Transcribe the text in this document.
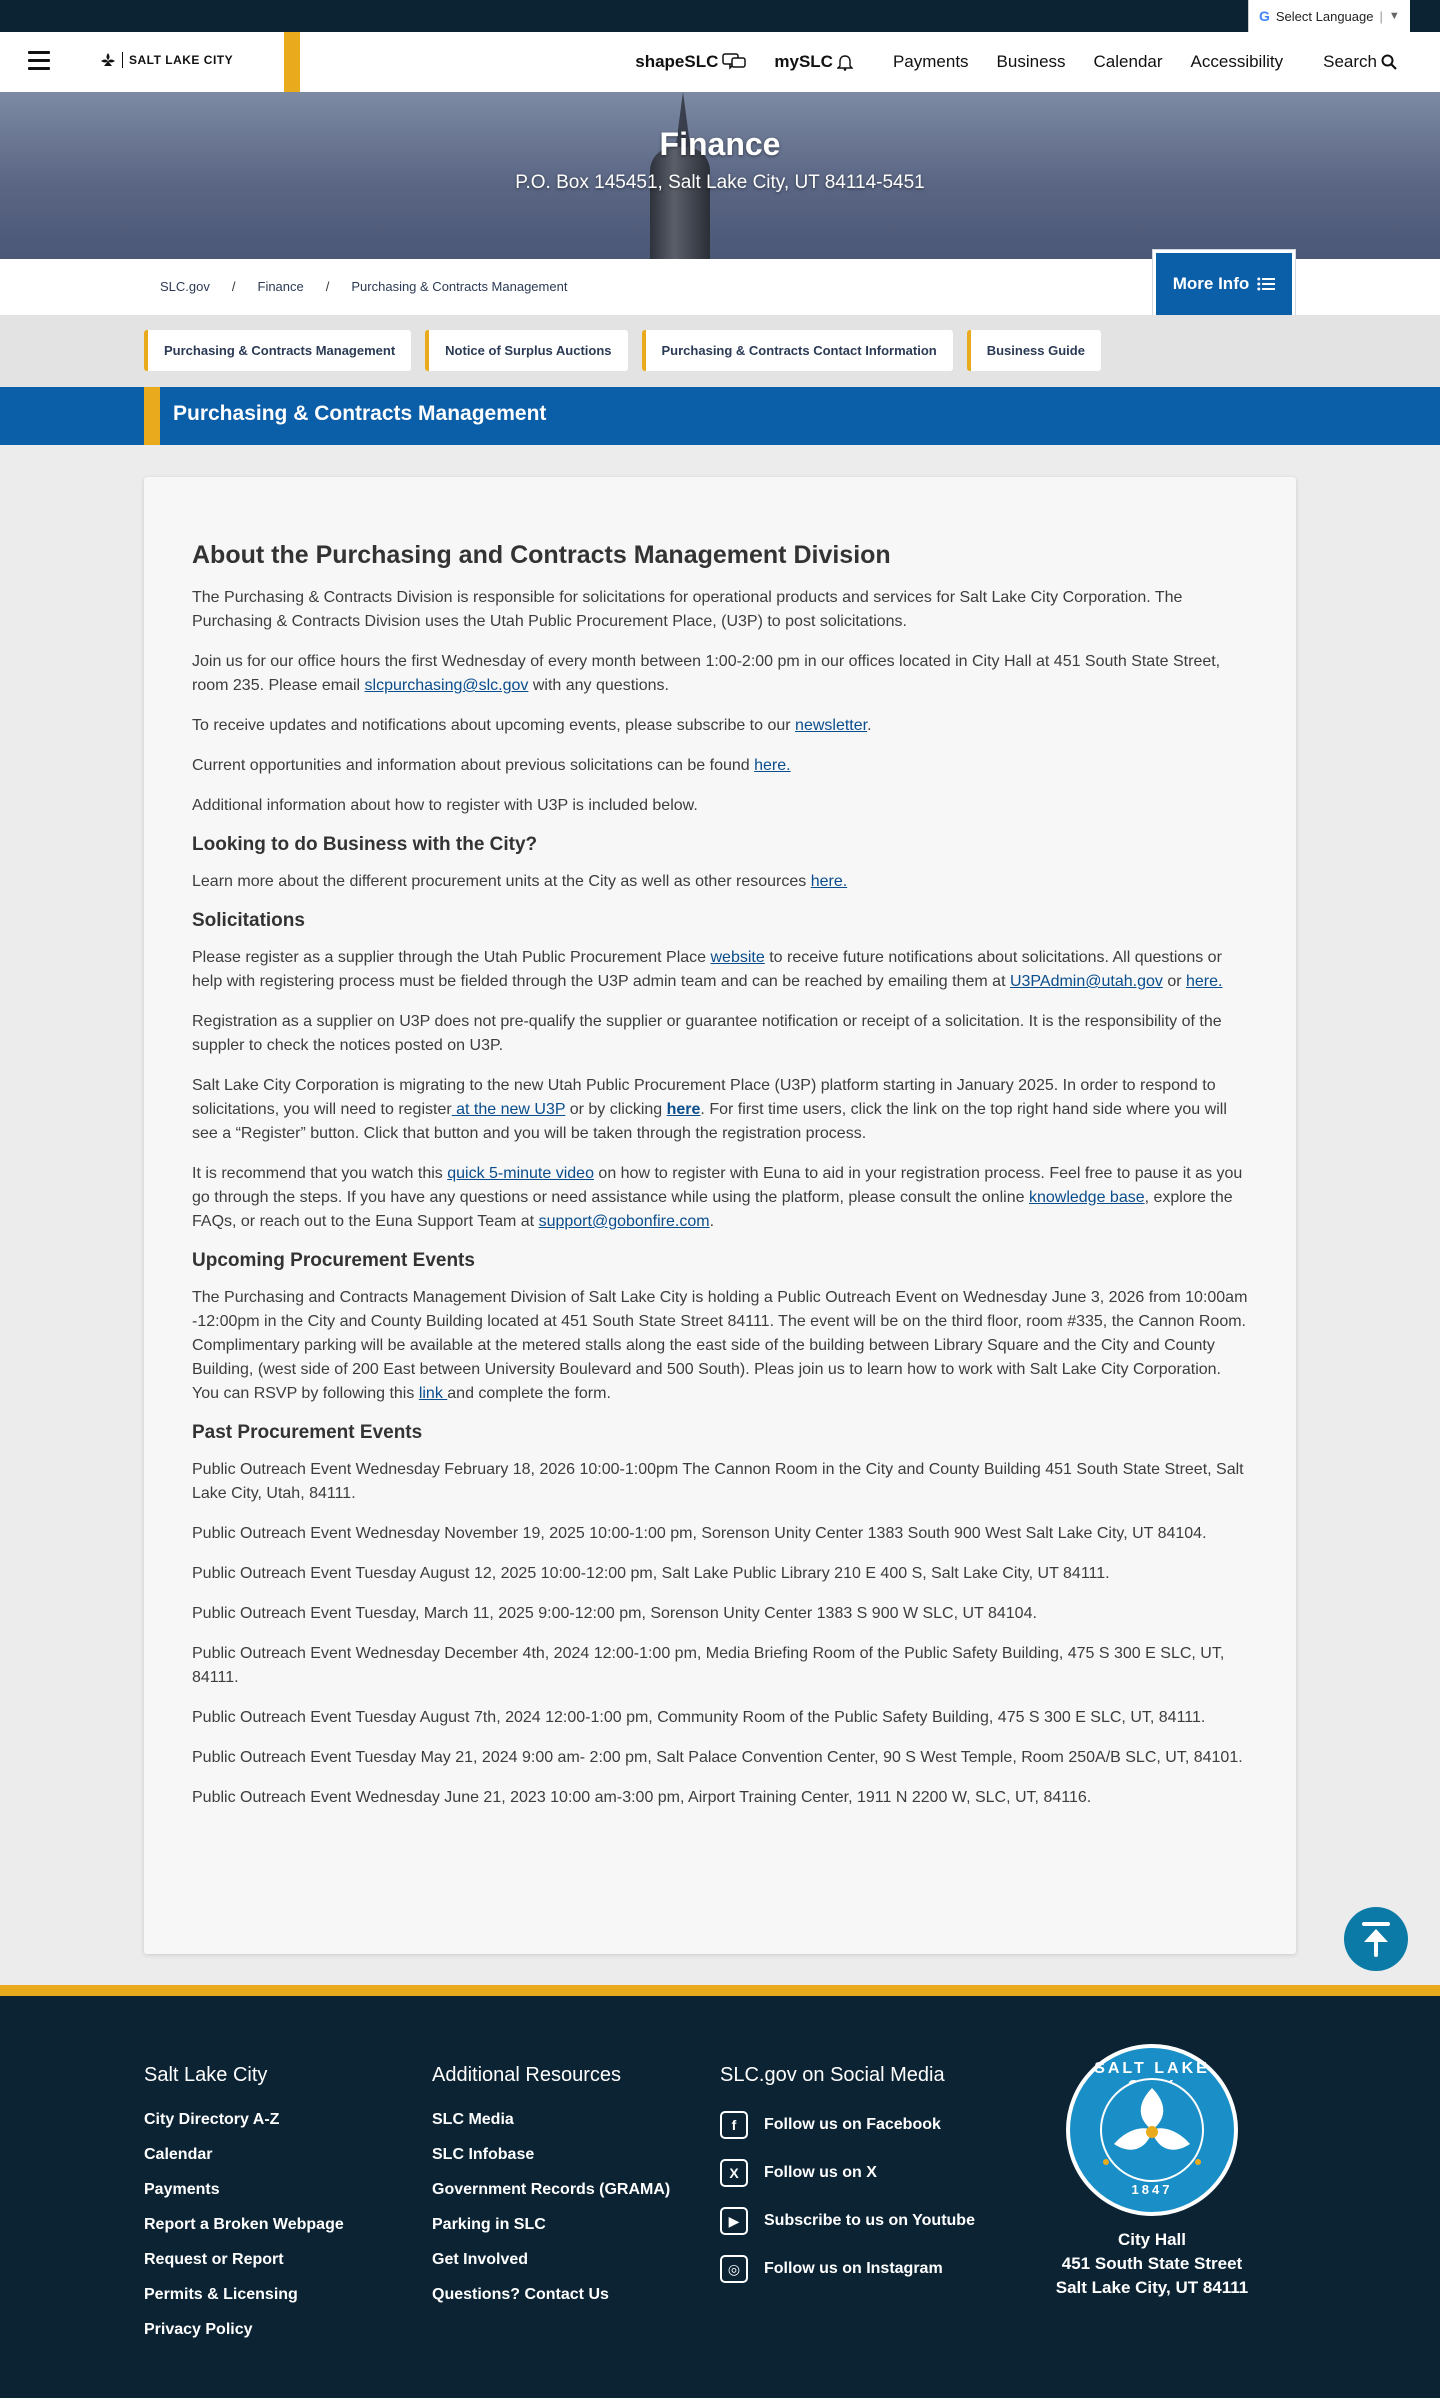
G Select Language | ▼
SALT LAKE CITY	shapeSLC	mySLC	Payments Business Calendar Accessibility Search
Finance
P.O. Box 145451, Salt Lake City, UT 84114-5451
SLC.gov / Finance / Purchasing & Contracts Management	More Info
Purchasing & Contracts Management	Notice of Surplus Auctions	Purchasing & Contracts Contact Information	Business Guide
Purchasing & Contracts Management
About the Purchasing and Contracts Management Division

The Purchasing & Contracts Division is responsible for solicitations for operational products and services for Salt Lake City Corporation. The Purchasing & Contracts Division uses the Utah Public Procurement Place, (U3P) to post solicitations.

Join us for our office hours the first Wednesday of every month between 1:00-2:00 pm in our offices located in City Hall at 451 South State Street, room 235. Please email slcpurchasing@slc.gov with any questions.

To receive updates and notifications about upcoming events, please subscribe to our newsletter.

Current opportunities and information about previous solicitations can be found here.

Additional information about how to register with U3P is included below.

Looking to do Business with the City?

Learn more about the different procurement units at the City as well as other resources here.

Solicitations

Please register as a supplier through the Utah Public Procurement Place website to receive future notifications about solicitations. All questions or help with registering process must be fielded through the U3P admin team and can be reached by emailing them at U3PAdmin@utah.gov or here.

Registration as a supplier on U3P does not pre-qualify the supplier or guarantee notification or receipt of a solicitation. It is the responsibility of the suppler to check the notices posted on U3P.

Salt Lake City Corporation is migrating to the new Utah Public Procurement Place (U3P) platform starting in January 2025. In order to respond to solicitations, you will need to register at the new U3P or by clicking here. For first time users, click the link on the top right hand side where you will see a “Register” button. Click that button and you will be taken through the registration process.

It is recommend that you watch this quick 5-minute video on how to register with Euna to aid in your registration process. Feel free to pause it as you go through the steps. If you have any questions or need assistance while using the platform, please consult the online knowledge base, explore the FAQs, or reach out to the Euna Support Team at support@gobonfire.com.

Upcoming Procurement Events

The Purchasing and Contracts Management Division of Salt Lake City is holding a Public Outreach Event on Wednesday June 3, 2026 from 10:00am -12:00pm in the City and County Building located at 451 South State Street 84111. The event will be on the third floor, room #335, the Cannon Room. Complimentary parking will be available at the metered stalls along the east side of the building between Library Square and the City and County Building, (west side of 200 East between University Boulevard and 500 South). Pleas join us to learn how to work with Salt Lake City Corporation. You can RSVP by following this link and complete the form.

Past Procurement Events

Public Outreach Event Wednesday February 18, 2026 10:00-1:00pm The Cannon Room in the City and County Building 451 South State Street, Salt Lake City, Utah, 84111.

Public Outreach Event Wednesday November 19, 2025 10:00-1:00 pm, Sorenson Unity Center 1383 South 900 West Salt Lake City, UT 84104.

Public Outreach Event Tuesday August 12, 2025 10:00-12:00 pm, Salt Lake Public Library 210 E 400 S, Salt Lake City, UT 84111.

Public Outreach Event Tuesday, March 11, 2025 9:00-12:00 pm, Sorenson Unity Center 1383 S 900 W SLC, UT 84104.

Public Outreach Event Wednesday December 4th, 2024 12:00-1:00 pm, Media Briefing Room of the Public Safety Building, 475 S 300 E SLC, UT, 84111.

Public Outreach Event Tuesday August 7th, 2024 12:00-1:00 pm, Community Room of the Public Safety Building, 475 S 300 E SLC, UT, 84111.

Public Outreach Event Tuesday May 21, 2024 9:00 am- 2:00 pm, Salt Palace Convention Center, 90 S West Temple, Room 250A/B SLC, UT, 84101.

Public Outreach Event Wednesday June 21, 2023 10:00 am-3:00 pm, Airport Training Center, 1911 N 2200 W, SLC, UT, 84116.

Salt Lake City
City Directory A-Z
Calendar
Payments
Report a Broken Webpage
Request or Report
Permits & Licensing
Privacy Policy
Additional Resources
SLC Media
SLC Infobase
Government Records (GRAMA)
Parking in SLC
Get Involved
Questions? Contact Us
SLC.gov on Social Media
f	Follow us on Facebook
X	Follow us on X
▶	Subscribe to us on Youtube
◎	Follow us on Instagram
SALT LAKE
1847
City Hall
451 South State Street
Salt Lake City, UT 84111
